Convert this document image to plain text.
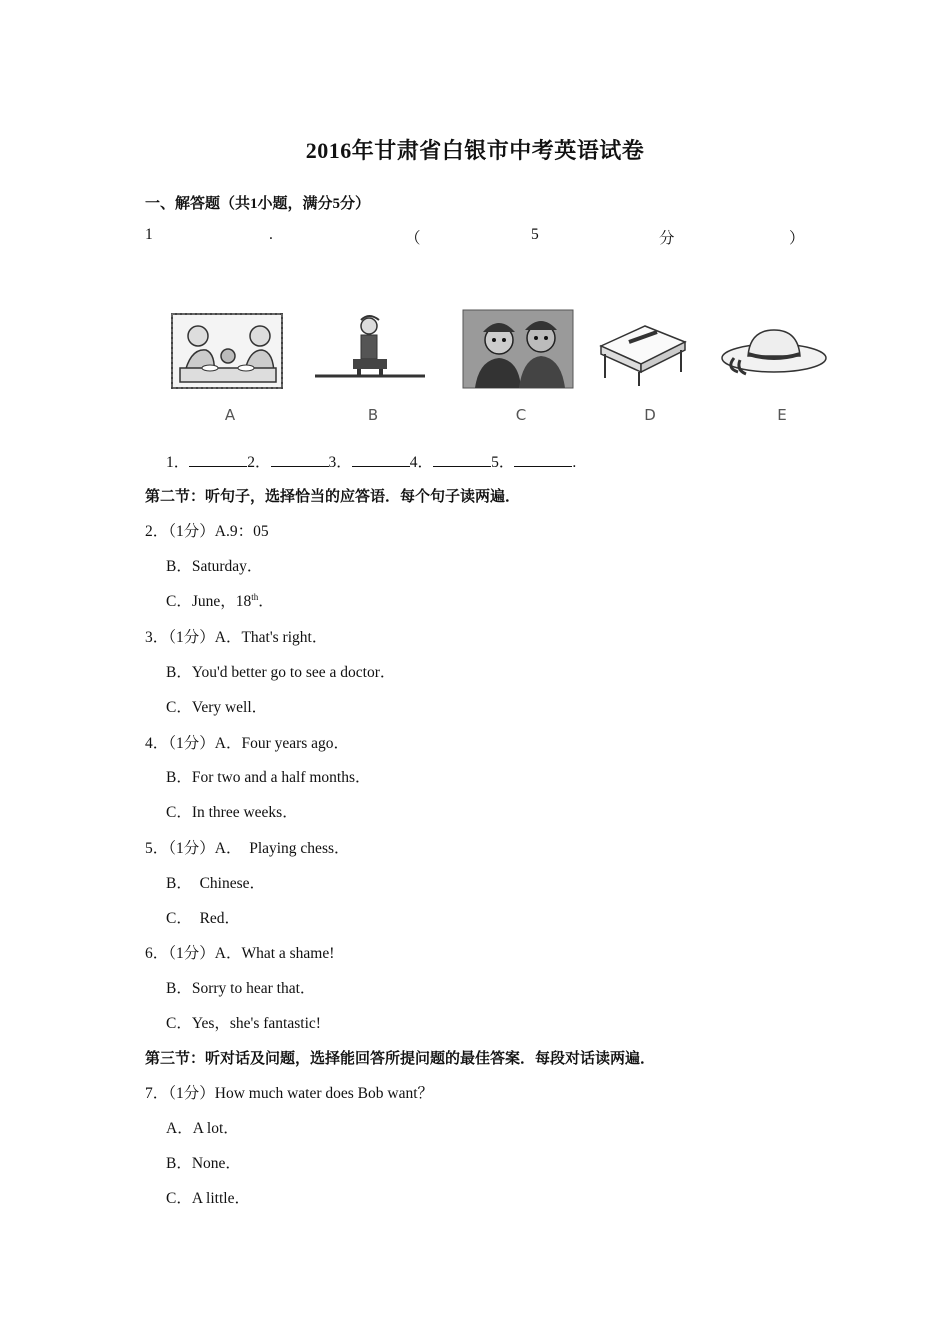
2016年甘肃省白银市中考英语试卷
一、解答题（共1小题，满分5分）
1	.	（	5	分	）
A	B	C	D	E
1．	2．	3．	4．	5．	.
第二节：听句子，选择恰当的应答语．每个句子读两遍．
2．（1分）A.9：05
B．Saturday．
C．June，18th．
3．（1分）A．That's right．
B．You'd better go to see a doctor．
C．Very well．
4．（1分）A．Four years ago．
B．For two and a half months．
C．In three weeks．
5．（1分）A．  Playing chess．
B．  Chinese．
C．  Red．
6．（1分）A．What a shame!
B．Sorry to hear that．
C．Yes，she's fantastic!
第三节：听对话及问题，选择能回答所提问题的最佳答案．每段对话读两遍．
7．（1分）How much water does Bob want？
A．A lot．
B．None．
C．A little．
